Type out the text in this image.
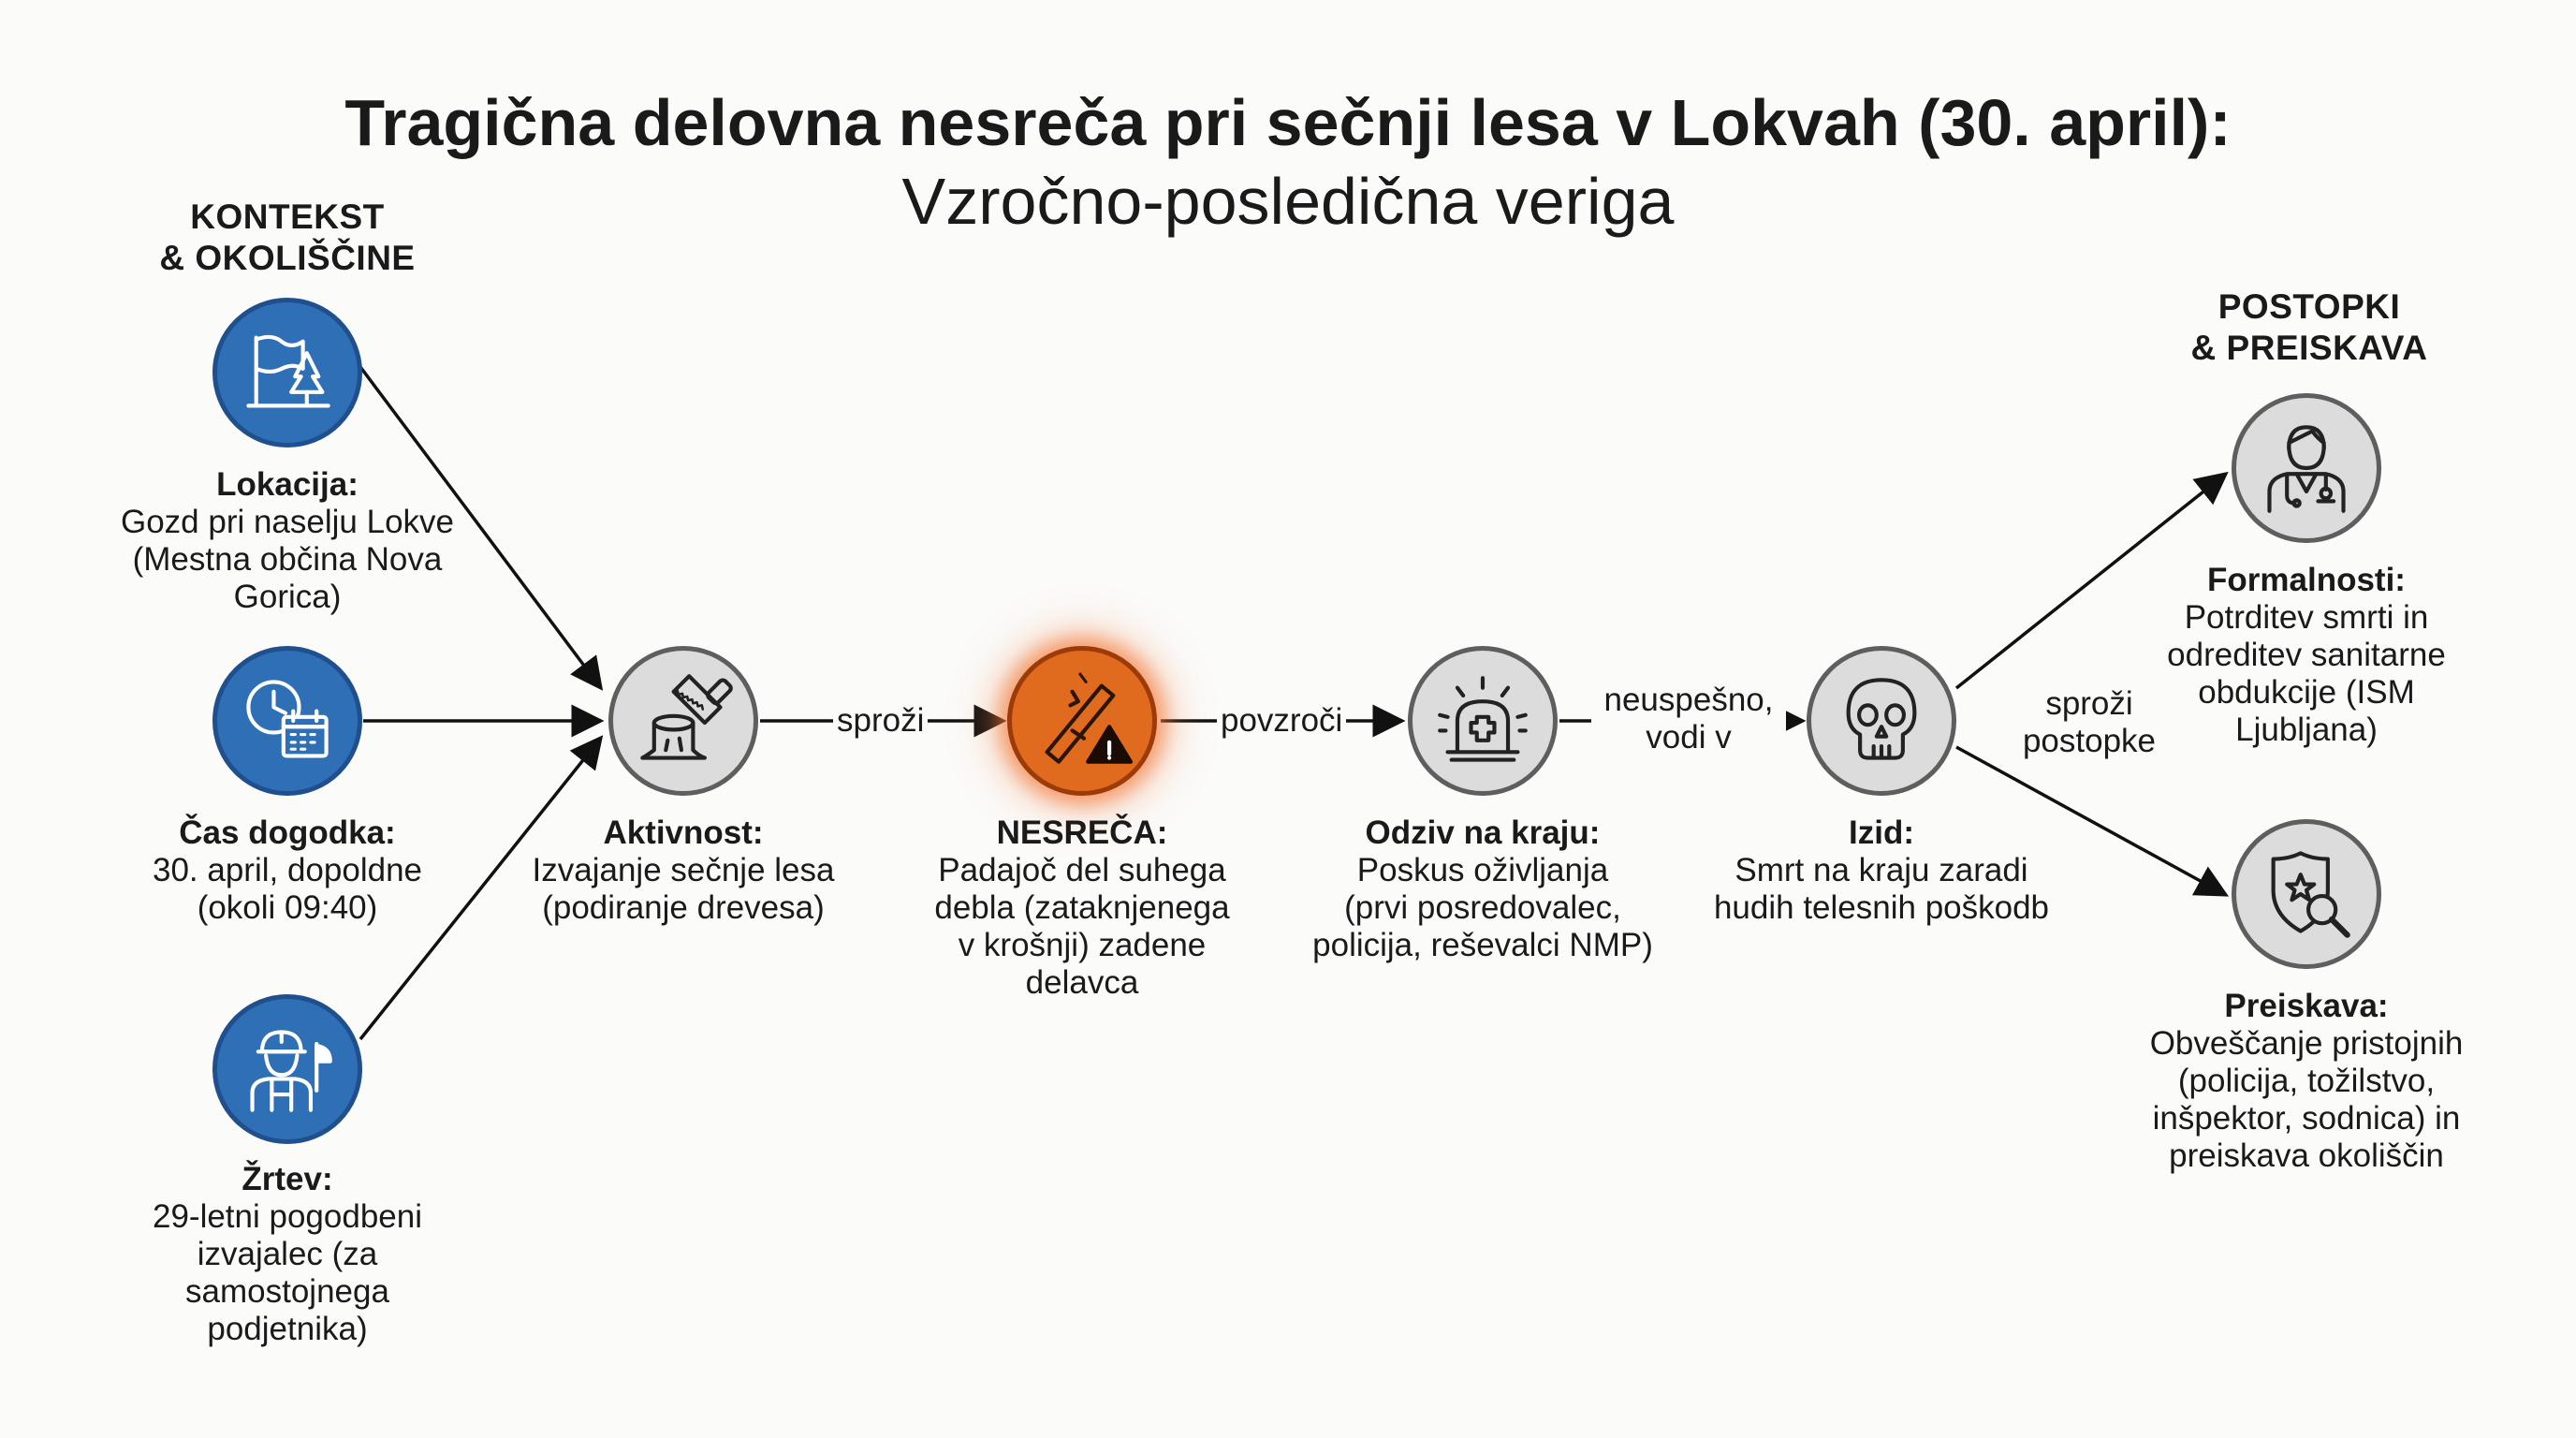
Tragična delovna nesreča pri sečnji lesa v Lokvah (30. april):
Vzročno-posledična veriga
KONTEKST
& OKOLIŠČINE
POSTOPKI
& PREISKAVA
Lokacija:
Gozd pri naselju Lokve
(Mestna občina Nova
Gorica)
Čas dogodka:
30. april, dopoldne
(okoli 09:40)
Žrtev:
29-letni pogodbeni
izvajalec (za
samostojnega
podjetnika)
Aktivnost:
Izvajanje sečnje lesa
(podiranje drevesa)
NESREČA:
Padajoč del suhega
debla (zataknjenega
v krošnji) zadene
delavca
Odziv na kraju:
Poskus oživljanja
(prvi posredovalec,
policija, reševalci NMP)
Izid:
Smrt na kraju zaradi
hudih telesnih poškodb
Formalnosti:
Potrditev smrti in
odreditev sanitarne
obdukcije (ISM
Ljubljana)
Preiskava:
Obveščanje pristojnih
(policija, tožilstvo,
inšpektor, sodnica) in
preiskava okoliščin
sproži	povzroči
neuspešno,
vodi v
sproži
postopke
